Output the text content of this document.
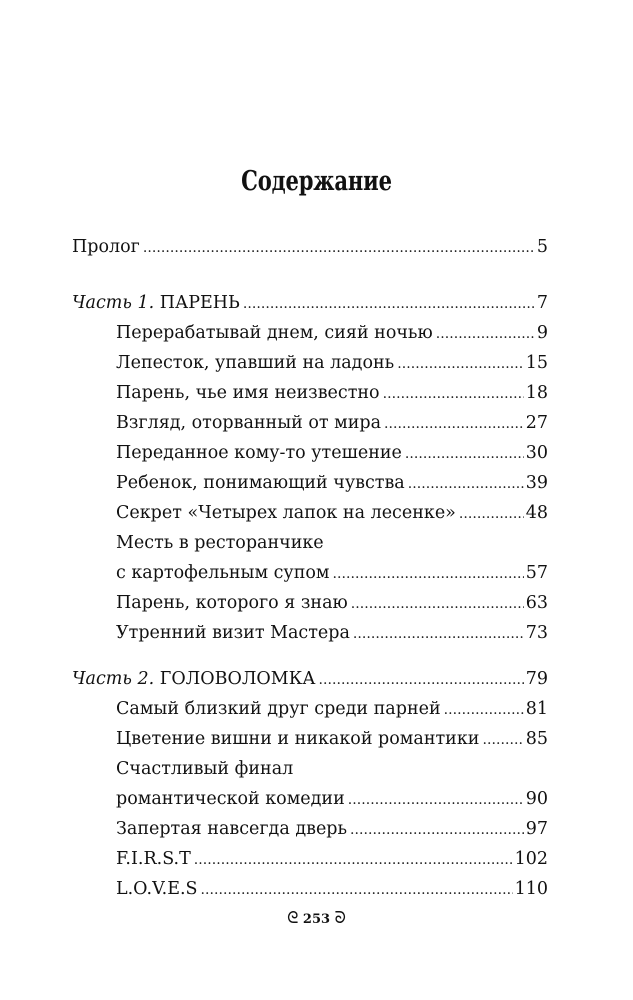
Содержание
Пролог . . .	5
Часть 1. ПАРЕНЬ . . .	7
Перерабатывай днем, сияй ночью . . .	9
Лепесток, упавший на ладонь . . .	15
Парень, чье имя неизвестно . . .	18
Взгляд, оторванный от мира . . .	27
Переданное кому-то утешение . . .	30
Ребенок, понимающий чувства . . .	39
Секрет «Четырех лапок на лесенке» . . .	48
Месть в ресторанчике
с картофельным супом . . .	57
Парень, которого я знаю . . .	63
Утренний визит Мастера . . .	73
Часть 2. ГОЛОВОЛОМКА . . .	79
Самый близкий друг среди парней . . .	81
Цветение вишни и никакой романтики . . .	85
Счастливый финал
романтической комедии . . .	90
Запертая навсегда дверь . . .	97
F.I.R.S.T . . .	102
L.O.V.E.S . . .	110
ᘓ 253 ᘐ
